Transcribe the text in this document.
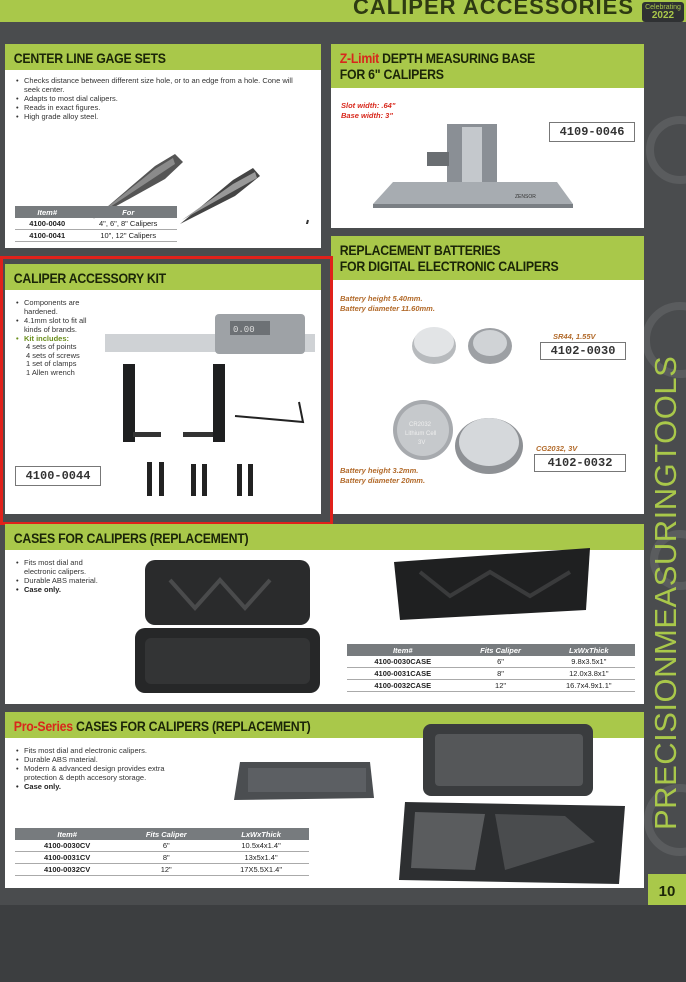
CALIPER ACCESSORIES	Celebrating
2022
CENTER LINE GAGE SETS
• Checks distance between different size hole, or to an edge from a hole. Cone will seek center.
• Adapts to most dial calipers.
• Reads in exact figures.
• High grade alloy steel.
Item#	For
4100-0040	4", 6", 8" Calipers
4100-0041	10", 12" Calipers
Z-Limit DEPTH MEASURING BASE
FOR 6" CALIPERS
Slot width: .64"
Base width: 3"
4109-0046
ZENSOR
REPLACEMENT BATTERIES
FOR DIGITAL ELECTRONIC CALIPERS
Battery height 5.40mm.
Battery diameter 11.60mm.
SR44, 1.55V
4102-0030
CR2032
Lithium Cell
3V
CG2032, 3V
4102-0032
Battery height 3.2mm.
Battery diameter 20mm.
CALIPER ACCESSORY KIT
• Components are hardened.
• 4.1mm slot to fit all kinds of brands.
• Kit includes:
4 sets of points
4 sets of screws
1 set of clamps
1 Allen wrench
0.00
4100-0044
CASES FOR CALIPERS (REPLACEMENT)
• Fits most dial and electronic calipers.
• Durable ABS material.
• Case only.
Item#	Fits Caliper	LxWxThick
4100-0030CASE	6"	9.8x3.5x1"
4100-0031CASE	8"	12.0x3.8x1"
4100-0032CASE	12"	16.7x4.9x1.1"
Pro-Series CASES FOR CALIPERS (REPLACEMENT)
• Fits most dial and electronic calipers.
• Durable ABS material.
• Modern & advanced design provides extra protection & depth accesory storage.
• Case only.
Item#	Fits Caliper	LxWxThick
4100-0030CV	6"	10.5x4x1.4"
4100-0031CV	8"	13x5x1.4"
4100-0032CV	12"	17X5.5X1.4"
PRECISIONMEASURINGTOOLS
10
